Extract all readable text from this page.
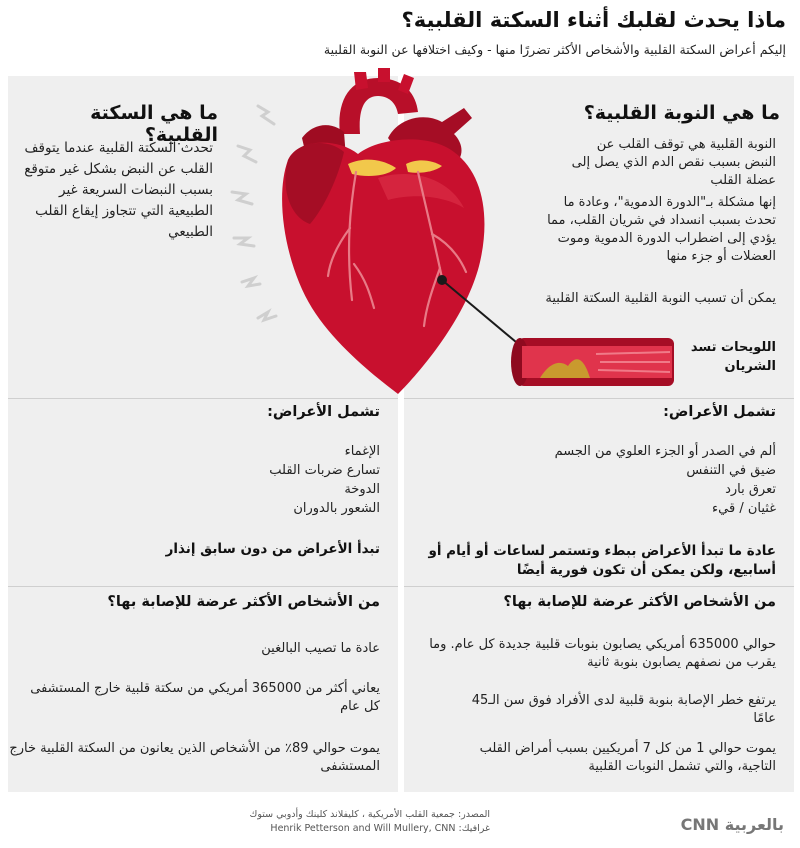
ماذا يحدث لقلبك أثناء السكتة القلبية؟
إليكم أعراض السكتة القلبية والأشخاص الأكثر تضررًا منها - وكيف اختلافها عن النوبة القلبية
ما هي النوبة القلبية؟
النوبة القلبية هي توقف القلب عن النبض بسبب نقص الدم الذي يصل إلى عضلة القلب
إنها مشكلة بـ"الدورة الدموية"، وعادة ما تحدث بسبب انسداد في شريان القلب، مما يؤدي إلى اضطراب الدورة الدموية وموت العضلات أو جزء منها
يمكن أن تسبب النوبة القلبية السكتة القلبية
اللويحات تسد الشريان
تشمل الأعراض:
ألم في الصدر أو الجزء العلوي من الجسم
ضيق في التنفس
تعرق بارد
غثيان / قيء
عادة ما تبدأ الأعراض ببطء وتستمر لساعات أو أيام أو أسابيع، ولكن يمكن أن تكون فورية أيضًا
من الأشخاص الأكثر عرضة للإصابة بها؟
حوالي 635000 أمريكي يصابون بنوبات قلبية جديدة كل عام. وما يقرب من نصفهم يصابون بنوبة ثانية
يرتفع خطر الإصابة بنوبة قلبية لدى الأفراد فوق سن الـ45 عامًا
يموت حوالي 1 من كل 7 أمريكيين بسبب أمراض القلب التاجية، والتي تشمل النوبات القلبية
ما هي السكتة القلبية؟
تحدث السكتة القلبية عندما يتوقف القلب عن النبض بشكل غير متوقع بسبب النبضات السريعة غير الطبيعية التي تتجاوز إيقاع القلب الطبيعي
تشمل الأعراض:
الإغماء
تسارع ضربات القلب
الدوخة
الشعور بالدوران
تبدأ الأعراض من دون سابق إنذار
من الأشخاص الأكثر عرضة للإصابة بها؟
عادة ما تصيب البالغين
يعاني أكثر من 365000 أمريكي من سكتة قلبية خارج المستشفى كل عام
يموت حوالي 89٪ من الأشخاص الذين يعانون من السكتة القلبية خارج المستشفى
المصدر: جمعية القلب الأمريكية ، كليفلاند كلينك وأدوبي ستوك
غرافيك: Henrik Petterson and Will Mullery, CNN	CNN بالعربية
